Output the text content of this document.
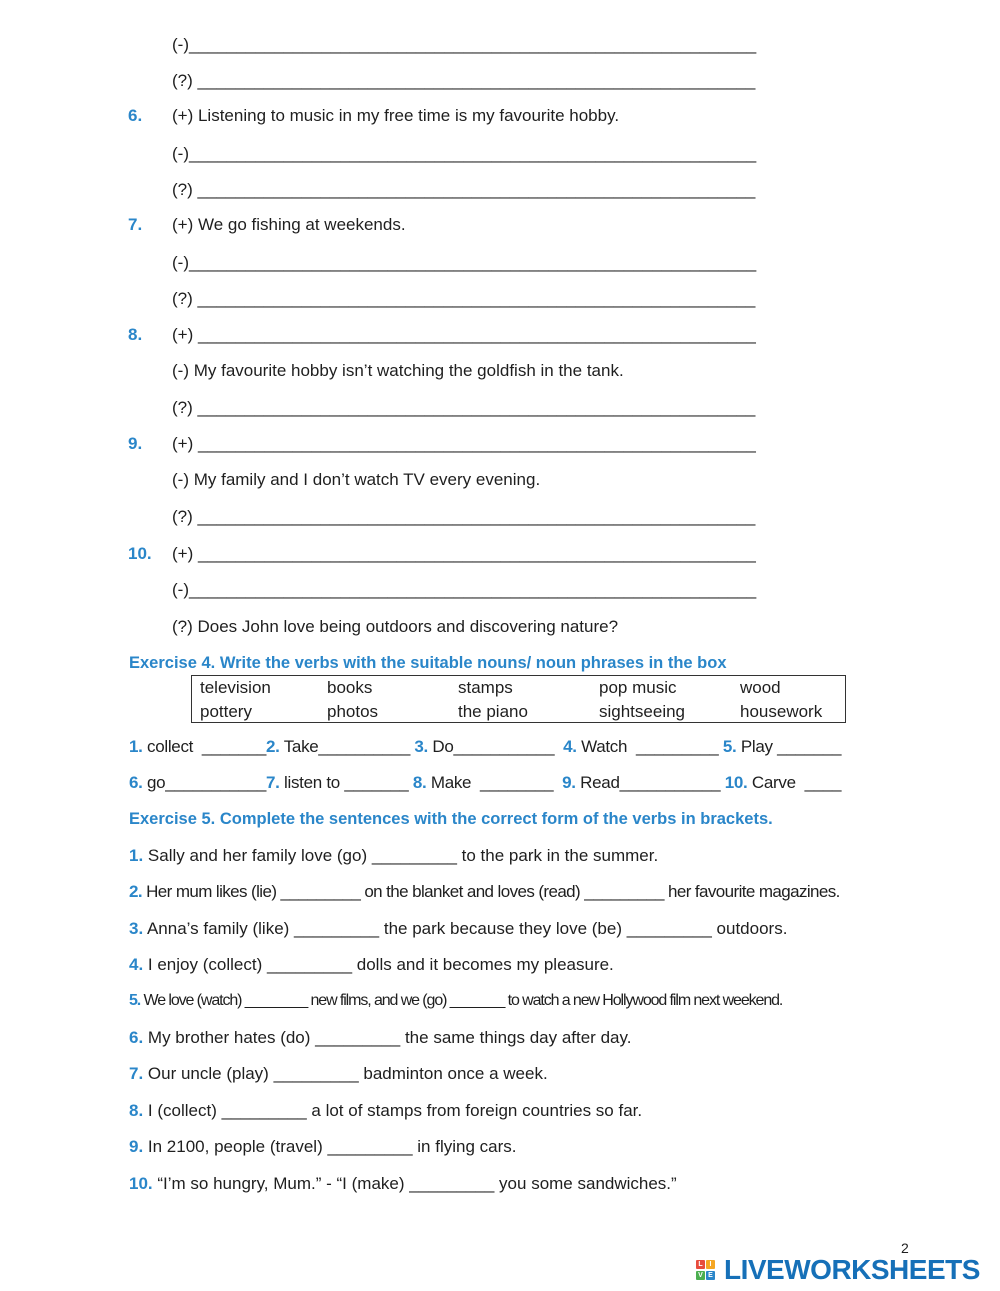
(-)____________________________________________________________
(?) ___________________________________________________________
6. (+) Listening to music in my free time is my favourite hobby.
(-)____________________________________________________________
(?) ___________________________________________________________
7. (+) We go fishing at weekends.
(-)____________________________________________________________
(?) ___________________________________________________________
8. (+) ___________________________________________________________
(-) My favourite hobby isn’t watching the goldfish in the tank.
(?) ___________________________________________________________
9. (+) ___________________________________________________________
(-) My family and I don’t watch TV every evening.
(?) ___________________________________________________________
10. (+) ___________________________________________________________
(-)____________________________________________________________
(?) Does John love being outdoors and discovering nature?
Exercise 4. Write the verbs with the suitable nouns/ noun phrases in the box
television	books	stamps	pop music	wood
pottery	photos	the piano	sightseeing	housework
1. collect  _______2. Take__________ 3. Do___________  4. Watch  _________ 5. Play _______
6. go___________7. listen to _______ 8. Make  ________  9. Read___________ 10. Carve  ____
Exercise 5. Complete the sentences with the correct form of the verbs in brackets.
1. Sally and her family love (go) _________ to the park in the summer.
2. Her mum likes (lie) _________ on the blanket and loves (read) _________ her favourite magazines.
3. Anna’s family (like) _________ the park because they love (be) _________ outdoors.
4. I enjoy (collect) _________ dolls and it becomes my pleasure.
5. We love (watch) ________ new films, and we (go) _______ to watch a new Hollywood film next weekend.
6. My brother hates (do) _________ the same things day after day.
7. Our uncle (play) _________ badminton once a week.
8. I (collect) _________ a lot of stamps from foreign countries so far.
9. In 2100, people (travel) _________ in flying cars.
10. “I’m so hungry, Mum.” - “I (make) _________ you some sandwiches.”
2
L I
V E LIVEWORKSHEETS
